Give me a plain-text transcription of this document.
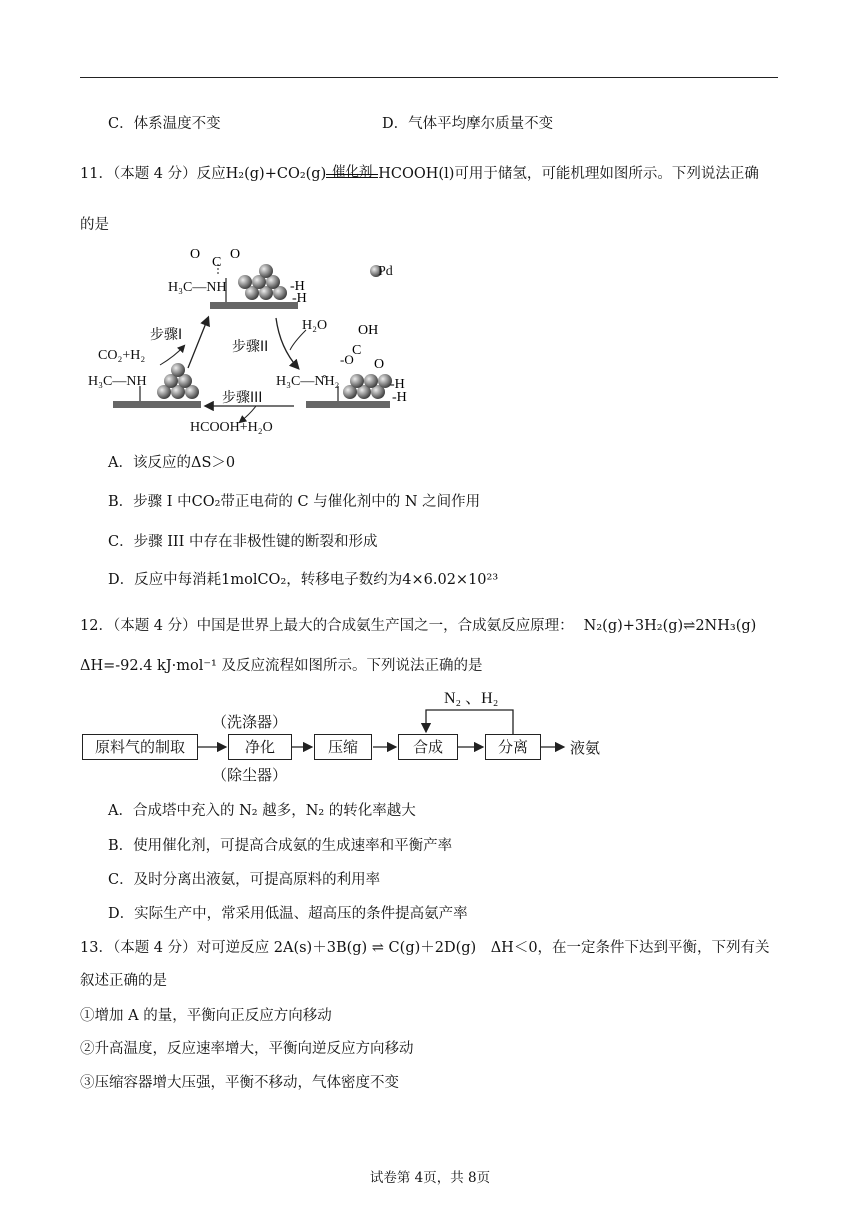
C．体系温度不变	D．气体平均摩尔质量不变
11．（本题 4 分）反应H₂(g)+CO₂(g) 催化剂 HCOOH(l)可用于储氢，可能机理如图所示。下列说法正确
的是
O
C
O
OH
C
-O O
-H
-H
-H
-H
Pd
H₃C—NH
H₃C—NH	H₃C—N̊H₂
步骤I
CO₂+H₂
步骤II
H₂O
步骤III
HCOOH+H₂O
A．该反应的ΔS＞0
B．步骤 I 中CO₂带正电荷的 C 与催化剂中的 N 之间作用
C．步骤 III 中存在非极性键的断裂和形成
D．反应中每消耗1molCO₂，转移电子数约为4×6.02×10²³
12．（本题 4 分）中国是世界上最大的合成氨生产国之一，合成氨反应原理： N₂(g)+3H₂(g)⇌2NH₃(g)
ΔH=-92.4 kJ·mol⁻¹ 及反应流程如图所示。下列说法正确的是
N₂ 、H₂
原料气的制取
（洗涤器）
净化
（除尘器）
压缩	合成	分离	液氨
A．合成塔中充入的 N₂ 越多，N₂ 的转化率越大
B．使用催化剂，可提高合成氨的生成速率和平衡产率
C．及时分离出液氨，可提高原料的利用率
D．实际生产中，常采用低温、超高压的条件提高氨产率
13．（本题 4 分）对可逆反应 2A(s)＋3B(g) ⇌ C(g)＋2D(g)　ΔH＜0，在一定条件下达到平衡，下列有关
叙述正确的是
①增加 A 的量，平衡向正反应方向移动
②升高温度，反应速率增大，平衡向逆反应方向移动
③压缩容器增大压强，平衡不移动，气体密度不变
试卷第 4页，共 8页
